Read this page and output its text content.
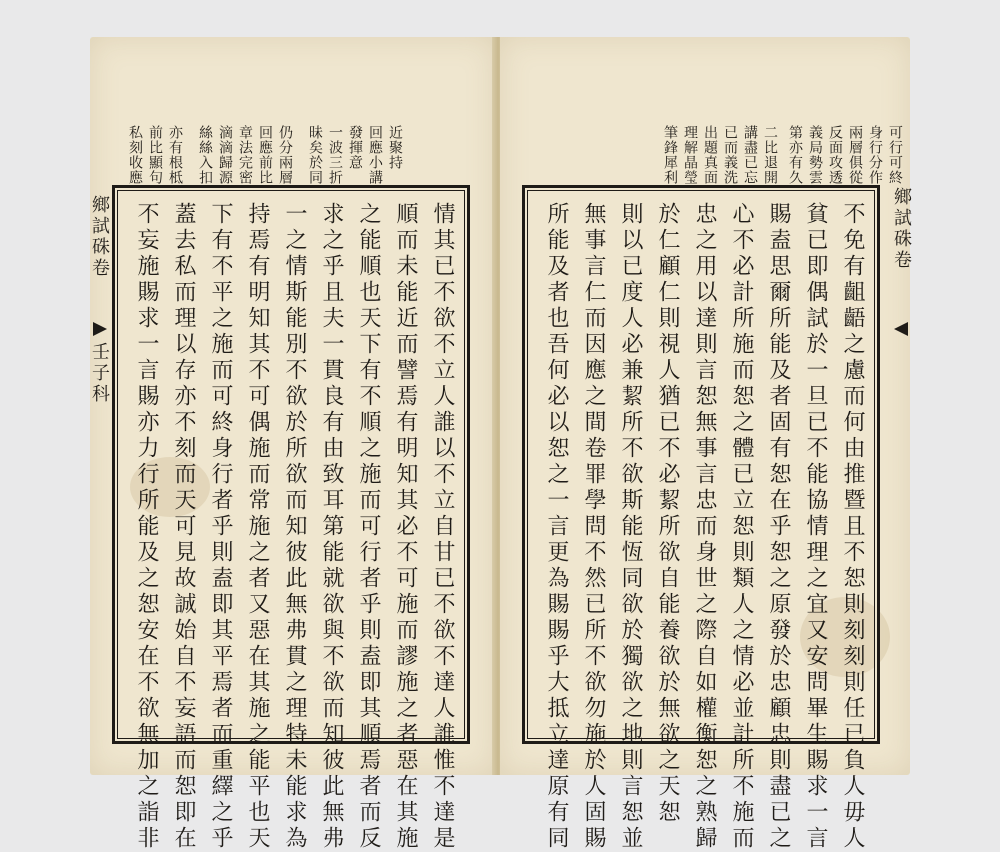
私刻收應 前比顯句 亦有根柢 絲絲入扣 滴滴歸源 章法完密 回應前比 仍分兩層 昧矣於同 一波三折 發揮意 回應小講 近聚持
鄉試硃卷
壬子科	情其已不欲不立人誰以不立自甘已不欲不達人誰惟不達是
順而未能近而譬焉有明知其必不可施而謬施之者惡在其施
之能順也天下有不順之施而可行者乎則盍即其順焉者而反
求之乎且夫一貫良有由致耳第能就欲與不欲而知彼此無弗
一之情斯能別不欲於所欲而知彼此無弗貫之理特未能求為
持焉有明知其不可偶施而常施之者又惡在其施之能平也天
下有不平之施而可終身行者乎則盍即其平焉者而重繹之乎
蓋去私而理以存亦不刻而天可見故誠始自不妄語而恕即在
不妄施賜求一言賜亦力行所能及之恕安在不欲無加之詣非
筆鋒犀利 理解晶瑩 出題真面 已而義洗 講盡已忘 二比退開 第亦有久 義局勢雲 反面攻透 兩層俱從 身行分作 可行可終
不免有齟齬之慮而何由推暨且不恕則刻刻則任已負人毋人
貧已即偶試於一旦已不能協情理之宜又安問畢生賜求一言
賜盍思爾所能及者固有恕在乎恕之原發於忠顧忠則盡已之
心不必計所施而恕之體已立恕則類人之情必並計所不施而
忠之用以達則言恕無事言忠而身世之際自如權衡恕之熟歸
於仁顧仁則視人猶已不必絜所欲自能養欲於無欲之天恕
則以已度人必兼絜所不欲斯能恆同欲於獨欲之地則言恕並
無事言仁而因應之間卷罪學問不然已所不欲勿施於人固賜
所能及者也吾何必以恕之一言更為賜賜乎大抵立達原有同	鄉試硃卷
